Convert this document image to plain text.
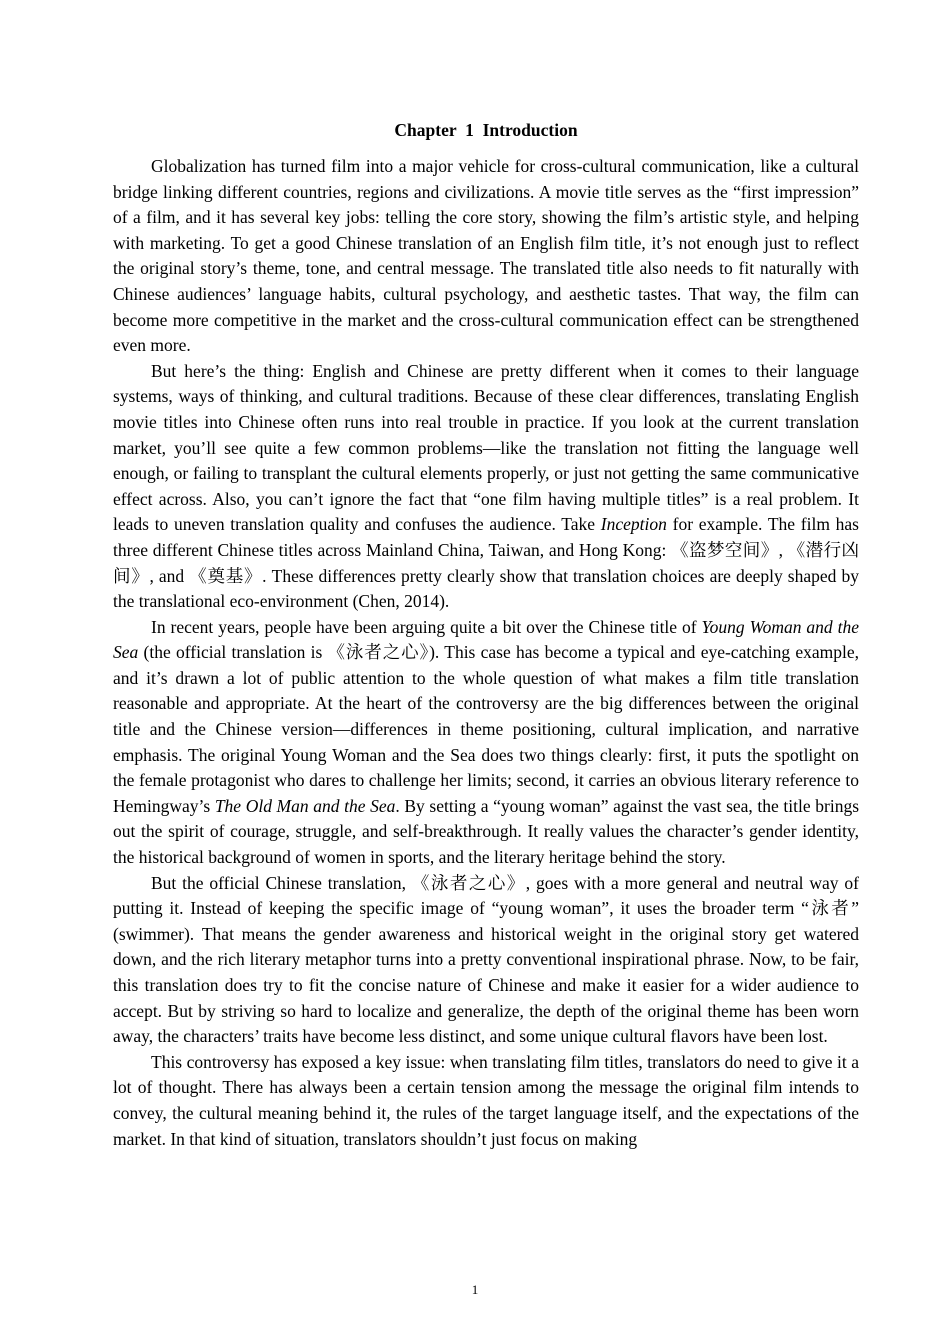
Chapter  1  Introduction

Globalization has turned film into a major vehicle for cross-cultural communication, like a cultural bridge linking different countries, regions and civilizations. A movie title serves as the “first impression” of a film, and it has several key jobs: telling the core story, showing the film’s artistic style, and helping with marketing. To get a good Chinese translation of an English film title, it’s not enough just to reflect the original story’s theme, tone, and central message. The translated title also needs to fit naturally with Chinese audiences’ language habits, cultural psychology, and aesthetic tastes. That way, the film can become more competitive in the market and the cross-cultural communication effect can be strengthened even more.

But here’s the thing: English and Chinese are pretty different when it comes to their language systems, ways of thinking, and cultural traditions. Because of these clear differences, translating English movie titles into Chinese often runs into real trouble in practice. If you look at the current translation market, you’ll see quite a few common problems—like the translation not fitting the language well enough, or failing to transplant the cultural elements properly, or just not getting the same communicative effect across. Also, you can’t ignore the fact that “one film having multiple titles” is a real problem. It leads to uneven translation quality and confuses the audience. Take Inception for example. The film has three different Chinese titles across Mainland China, Taiwan, and Hong Kong: 《盗梦空间》, 《潜行凶间》, and 《奠基》. These differences pretty clearly show that translation choices are deeply shaped by the translational eco-environment (Chen, 2014).

In recent years, people have been arguing quite a bit over the Chinese title of Young Woman and the Sea (the official translation is 《泳者之心》). This case has become a typical and eye-catching example, and it’s drawn a lot of public attention to the whole question of what makes a film title translation reasonable and appropriate. At the heart of the controversy are the big differences between the original title and the Chinese version—differences in theme positioning, cultural implication, and narrative emphasis. The original Young Woman and the Sea does two things clearly: first, it puts the spotlight on the female protagonist who dares to challenge her limits; second, it carries an obvious literary reference to Hemingway’s The Old Man and the Sea. By setting a “young woman” against the vast sea, the title brings out the spirit of courage, struggle, and self-breakthrough. It really values the character’s gender identity, the historical background of women in sports, and the literary heritage behind the story.

But the official Chinese translation, 《泳者之心》, goes with a more general and neutral way of putting it. Instead of keeping the specific image of “young woman”, it uses the broader term “泳者” (swimmer). That means the gender awareness and historical weight in the original story get watered down, and the rich literary metaphor turns into a pretty conventional inspirational phrase. Now, to be fair, this translation does try to fit the concise nature of Chinese and make it easier for a wider audience to accept. But by striving so hard to localize and generalize, the depth of the original theme has been worn away, the characters’ traits have become less distinct, and some unique cultural flavors have been lost.

This controversy has exposed a key issue: when translating film titles, translators do need to give it a lot of thought. There has always been a certain tension among the message the original film intends to convey, the cultural meaning behind it, the rules of the target language itself, and the expectations of the market. In that kind of situation, translators shouldn’t just focus on making

1
